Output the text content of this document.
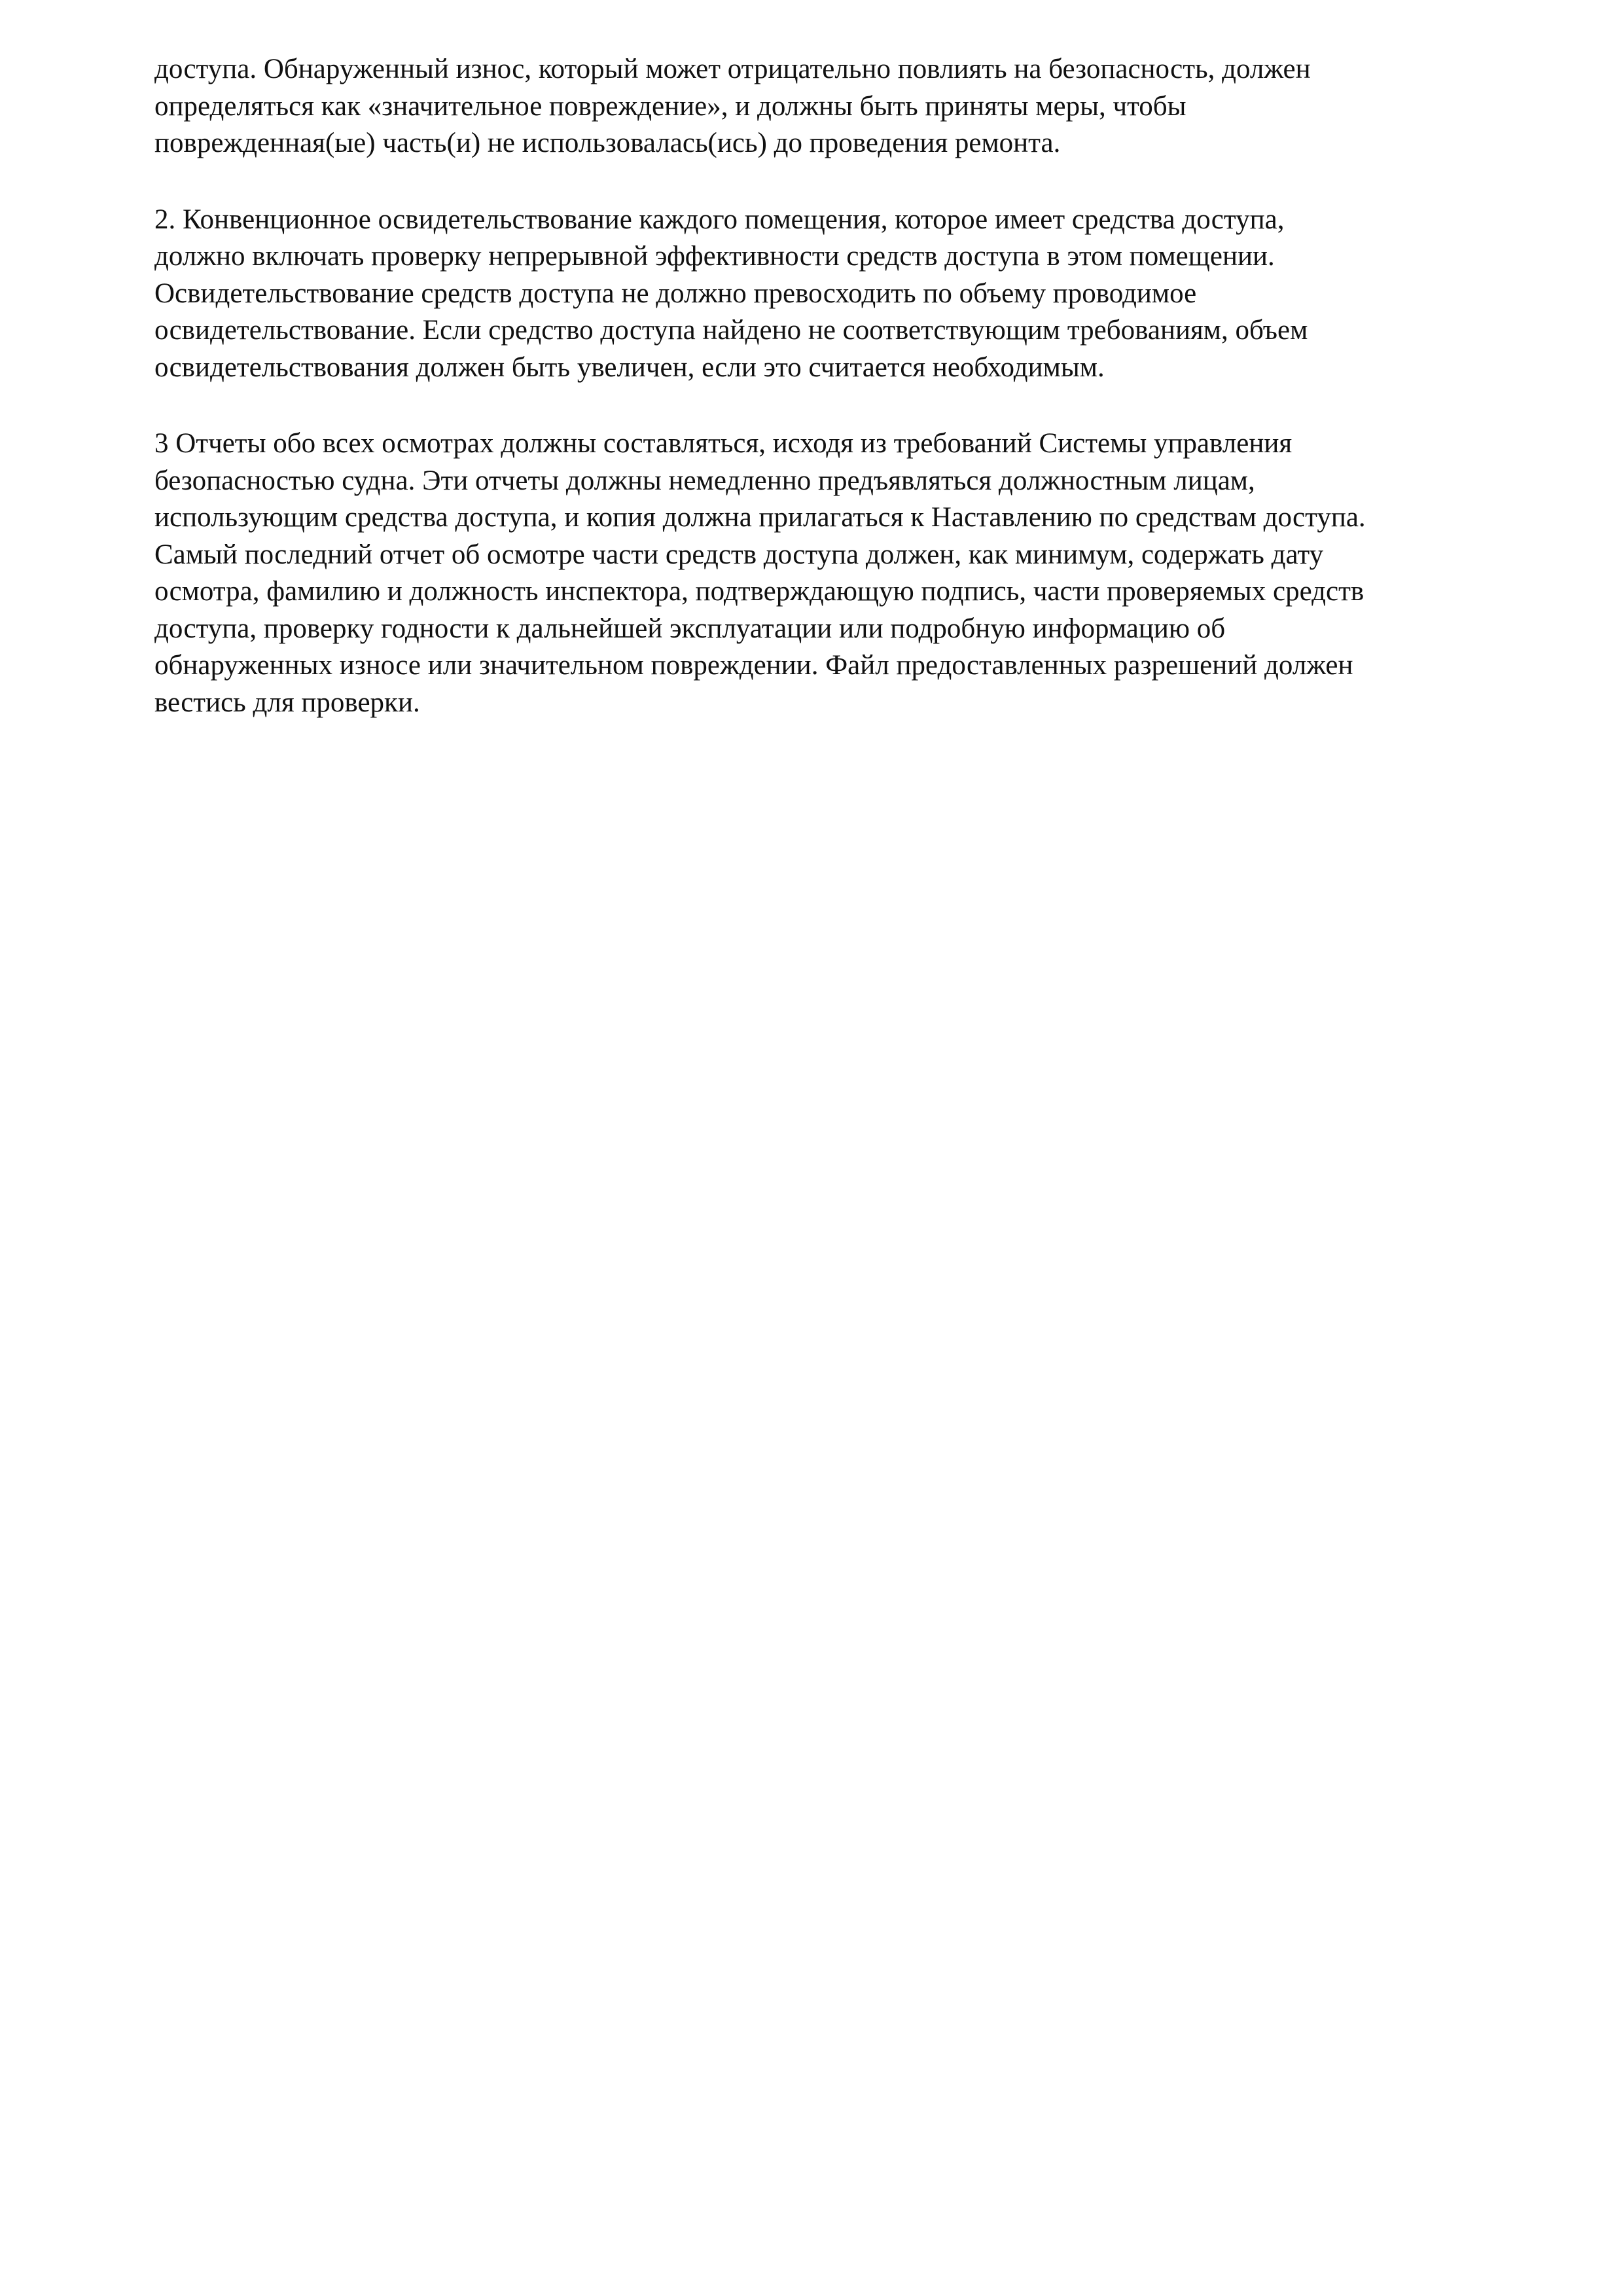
доступа. Обнаруженный износ, который может отрицательно повлиять на безопасность, должен
определяться как «значительное повреждение», и должны быть приняты меры, чтобы
поврежденная(ые) часть(и) не использовалась(ись) до проведения ремонта.
2. Конвенционное освидетельствование каждого помещения, которое имеет средства доступа,
должно включать проверку непрерывной эффективности средств доступа в этом помещении.
Освидетельствование средств доступа не должно превосходить по объему проводимое
освидетельствование. Если средство доступа найдено не соответствующим требованиям, объем
освидетельствования должен быть увеличен, если это считается необходимым.
3 Отчеты обо всех осмотрах должны составляться, исходя из требований Системы управления
безопасностью судна. Эти отчеты должны немедленно предъявляться должностным лицам,
использующим средства доступа, и копия должна прилагаться к Наставлению по средствам доступа.
Самый последний отчет об осмотре части средств доступа должен, как минимум, содержать дату
осмотра, фамилию и должность инспектора, подтверждающую подпись, части проверяемых средств
доступа, проверку годности к дальнейшей эксплуатации или подробную информацию об
обнаруженных износе или значительном повреждении. Файл предоставленных разрешений должен
вестись для проверки.
